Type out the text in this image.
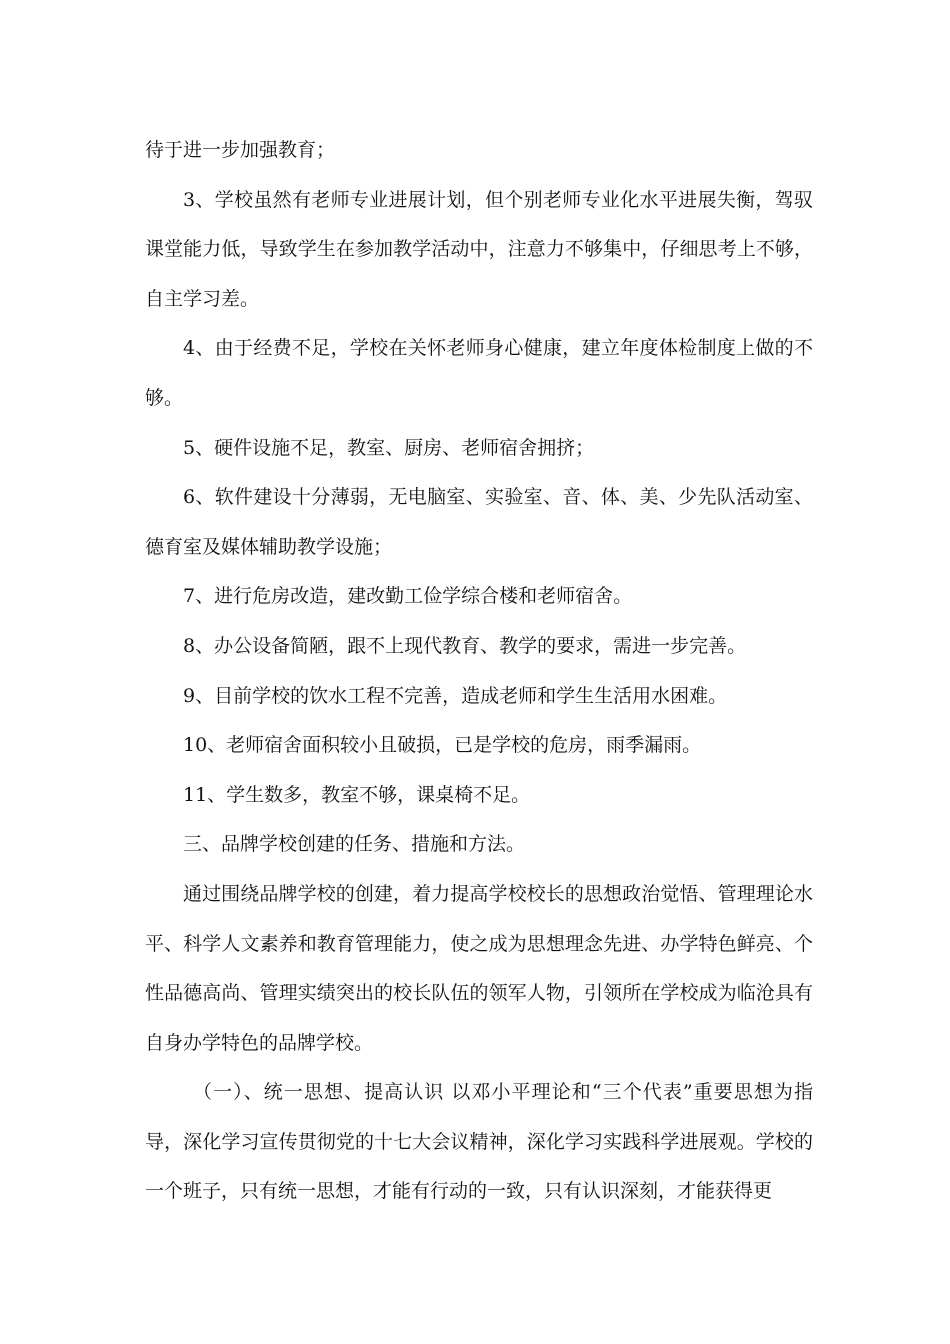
待于进一步加强教育；

3、学校虽然有老师专业进展计划，但个别老师专业化水平进展失衡，驾驭课堂能力低，导致学生在参加教学活动中，注意力不够集中，仔细思考上不够，自主学习差。

4、由于经费不足，学校在关怀老师身心健康，建立年度体检制度上做的不够。

5、硬件设施不足，教室、厨房、老师宿舍拥挤；

6、软件建设十分薄弱，无电脑室、实验室、音、体、美、少先队活动室、德育室及媒体辅助教学设施；

7、进行危房改造，建改勤工俭学综合楼和老师宿舍。

8、办公设备简陋，跟不上现代教育、教学的要求，需进一步完善。

9、目前学校的饮水工程不完善，造成老师和学生生活用水困难。

10、老师宿舍面积较小且破损，已是学校的危房，雨季漏雨。

11、学生数多，教室不够，课桌椅不足。

三、品牌学校创建的任务、措施和方法。

通过围绕品牌学校的创建，着力提高学校校长的思想政治觉悟、管理理论水平、科学人文素养和教育管理能力，使之成为思想理念先进、办学特色鲜亮、个性品德高尚、管理实绩突出的校长队伍的领军人物，引领所在学校成为临沧具有自身办学特色的品牌学校。

（一）、统一思想、提高认识 以邓小平理论和“三个代表”重要思想为指导，深化学习宣传贯彻党的十七大会议精神，深化学习实践科学进展观。学校的一个班子，只有统一思想，才能有行动的一致，只有认识深刻，才能获得更
